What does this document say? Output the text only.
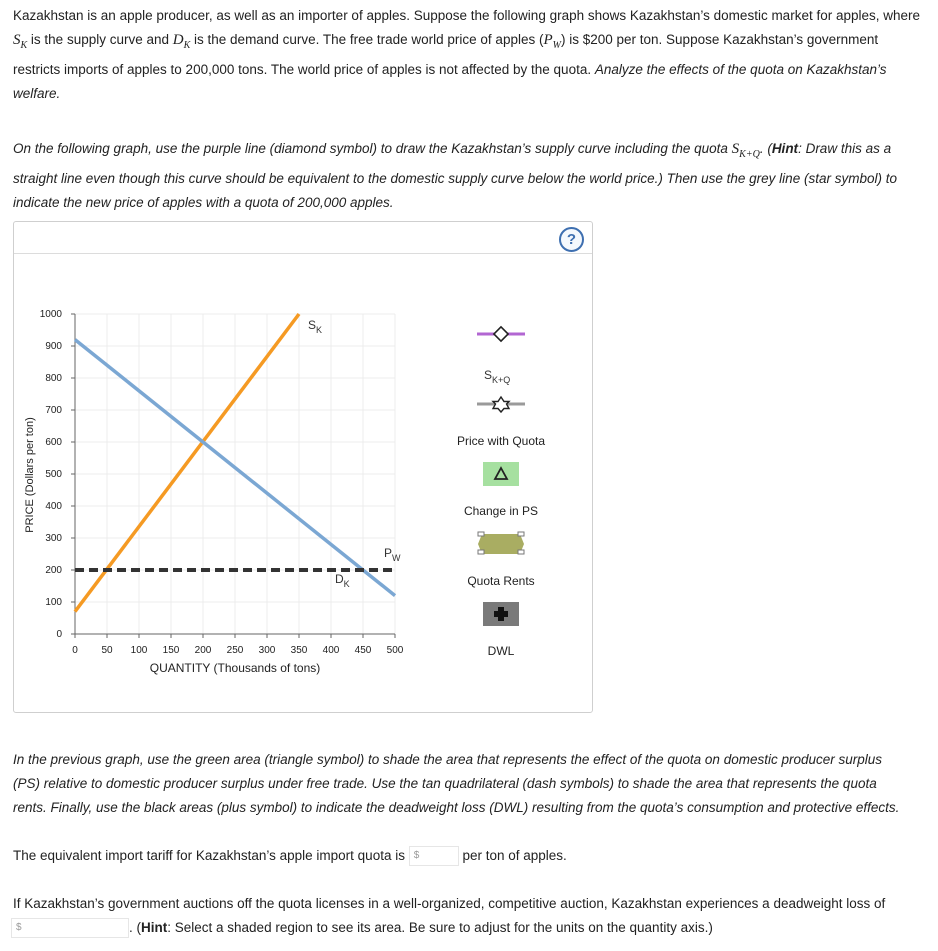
Kazakhstan is an apple producer, as well as an importer of apples. Suppose the following graph shows Kazakhstan’s domestic market for apples, where
$S_K$ is the supply curve and $D_K$ is the demand curve. The free trade world price of apples $(P_W)$ is $200 per ton. Suppose Kazakhstan’s government
restricts imports of apples to 200,000 tons. The world price of apples is not affected by the quota. Analyze the effects of the quota on Kazakhstan’s
welfare.

On the following graph, use the purple line (diamond symbol) to draw the Kazakhstan’s supply curve including the quota $S_{K+Q}$. (Hint: Draw this as a
straight line even though this curve should be equivalent to the domestic supply curve below the world price.) Then use the grey line (star symbol) to
indicate the new price of apples with a quota of 200,000 apples.

?
0
100
200
300
400
500
600
700
800
900
1000
0 50 100 150 200 250 300 350 400 450 500
PRICE (Dollars per ton)
QUANTITY (Thousands of tons)
$S_K$
$D_K$
$P_W$
$S_{K+Q}$
Price with Quota
Change in PS
Quota Rents
DWL

In the previous graph, use the green area (triangle symbol) to shade the area that represents the effect of the quota on domestic producer surplus
(PS) relative to domestic producer surplus under free trade. Use the tan quadrilateral (dash symbols) to shade the area that represents the quota
rents. Finally, use the black areas (plus symbol) to indicate the deadweight loss (DWL) resulting from the quota’s consumption and protective effects.

The equivalent import tariff for Kazakhstan’s apple import quota is $	per ton of apples.
If Kazakhstan’s government auctions off the quota licenses in a well-organized, competitive auction, Kazakhstan experiences a deadweight loss of
$	. (Hint: Select a shaded region to see its area. Be sure to adjust for the units on the quantity axis.)
